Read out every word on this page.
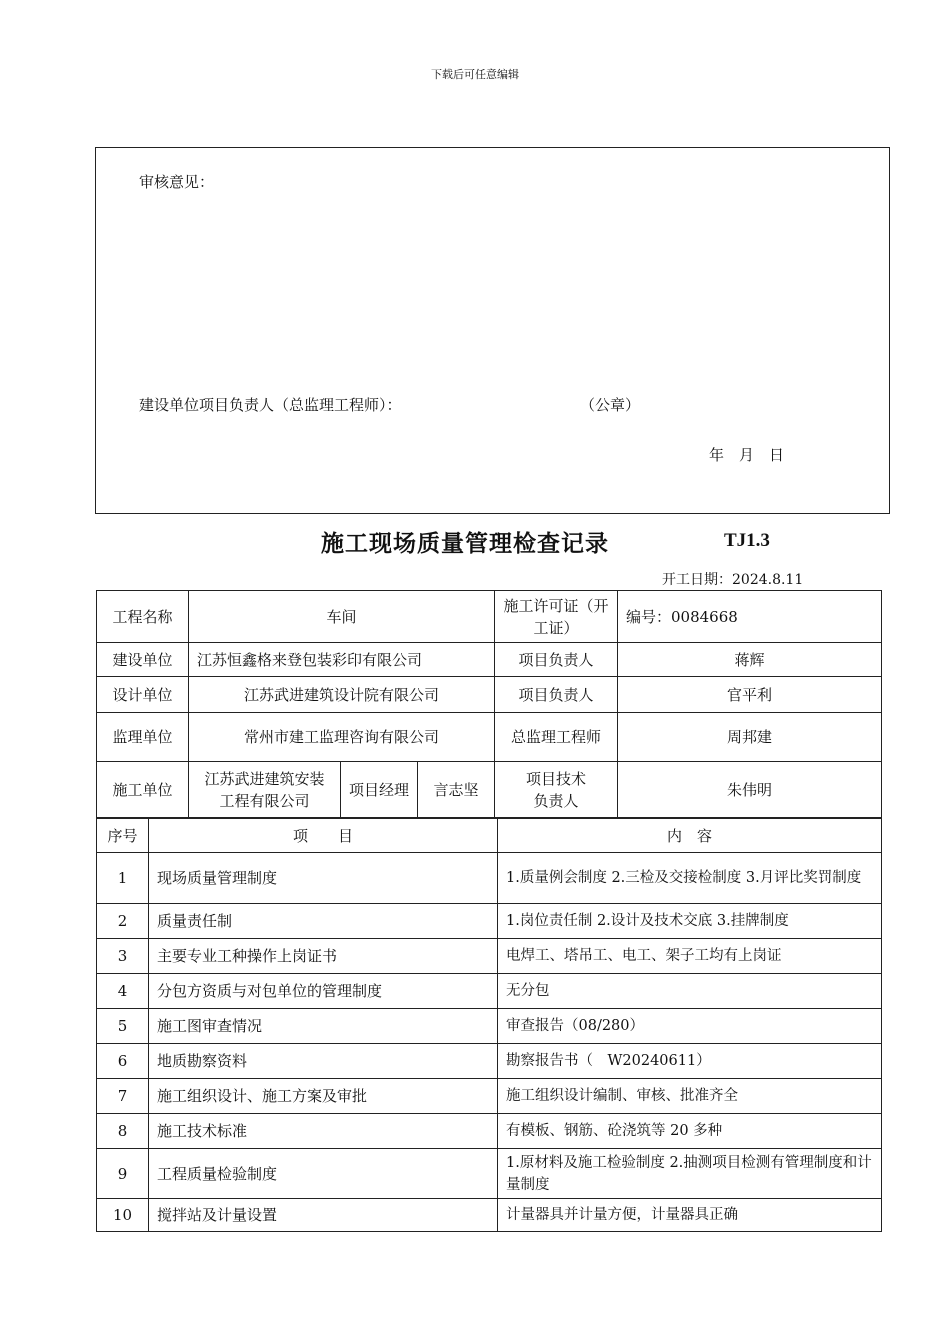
下载后可任意编辑
审核意见：
建设单位项目负责人（总监理工程师）：	（公章）
年　月　日
施工现场质量管理检查记录	TJ1.3
开工日期：2024.8.11
工程名称	车间			施工许可证（开工证）	编号：0084668
建设单位	江苏恒鑫格来登包装彩印有限公司			项目负责人	蒋辉
设计单位	江苏武进建筑设计院有限公司			项目负责人	官平利
监理单位	常州市建工监理咨询有限公司			总监理工程师	周邦建
施工单位	江苏武进建筑安装工程有限公司	项目经理	言志坚	项目技术负责人	朱伟明
序号	项　　目	内　容
1	现场质量管理制度	1.质量例会制度 2.三检及交接检制度 3.月评比奖罚制度
2	质量责任制	1.岗位责任制 2.设计及技术交底 3.挂牌制度
3	主要专业工种操作上岗证书	电焊工、塔吊工、电工、架子工均有上岗证
4	分包方资质与对包单位的管理制度	无分包
5	施工图审查情况	审查报告（08/280）
6	地质勘察资料	勘察报告书（　W20240611）
7	施工组织设计、施工方案及审批	施工组织设计编制、审核、批准齐全
8	施工技术标准	有模板、钢筋、砼浇筑等 20 多种
9	工程质量检验制度	1.原材料及施工检验制度 2.抽测项目检测有管理制度和计量制度
10	搅拌站及计量设置	计量器具并计量方便，计量器具正确
